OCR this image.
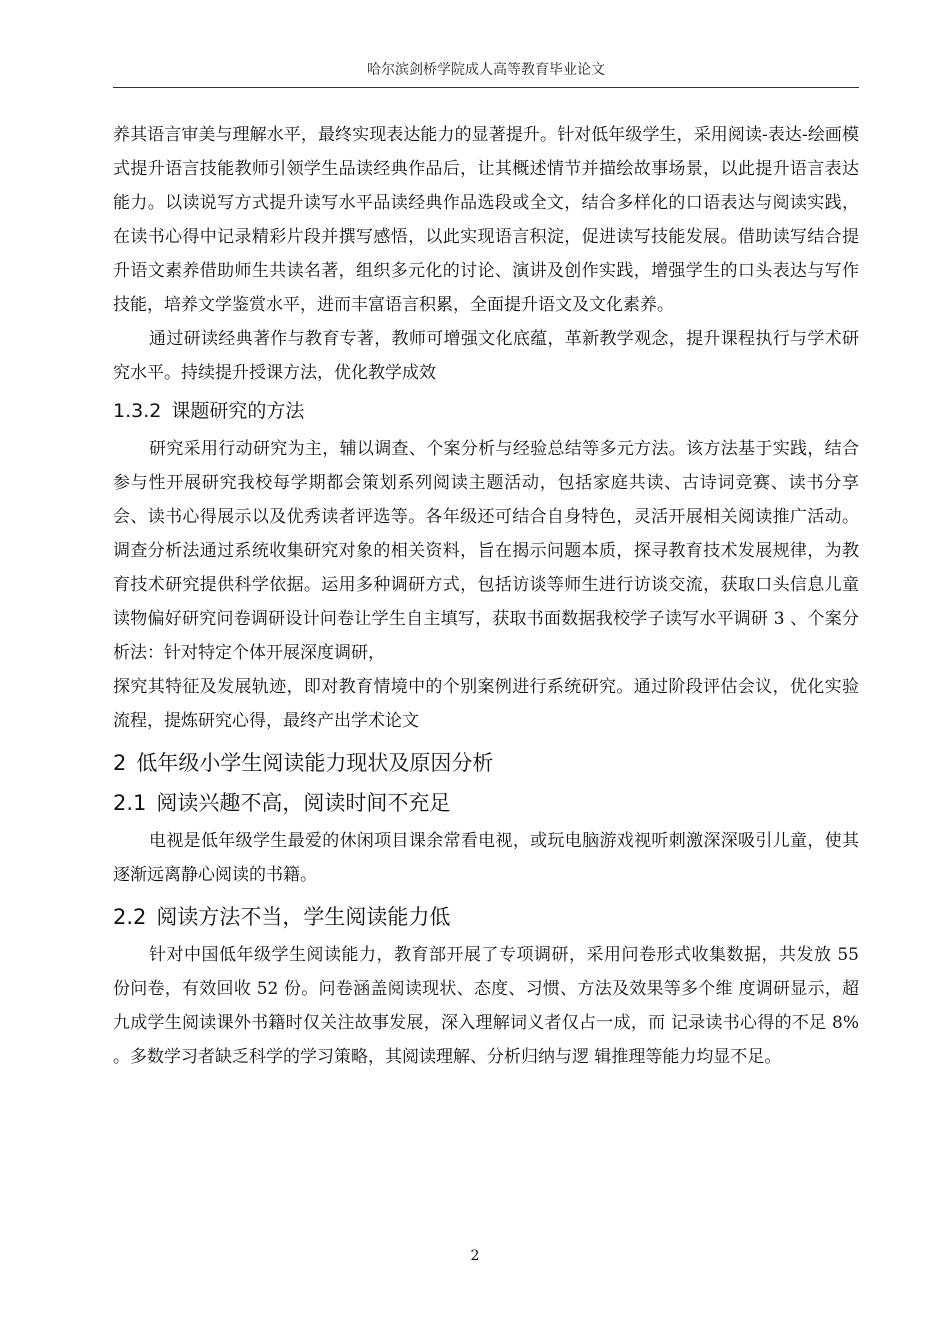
哈尔滨剑桥学院成人高等教育毕业论文

养其语言审美与理解水平，最终实现表达能力的显著提升。针对低年级学生，采用阅读-表达-绘画模式提升语言技能教师引领学生品读经典作品后，让其概述情节并描绘故事场景，以此提升语言表达能力。以读说写方式提升读写水平品读经典作品选段或全文，结合多样化的口语表达与阅读实践，在读书心得中记录精彩片段并撰写感悟，以此实现语言积淀，促进读写技能发展。借助读写结合提升语文素养借助师生共读名著，组织多元化的讨论、演讲及创作实践，增强学生的口头表达与写作技能，培养文学鉴赏水平，进而丰富语言积累，全面提升语文及文化素养。

通过研读经典著作与教育专著，教师可增强文化底蕴，革新教学观念，提升课程执行与学术研究水平。持续提升授课方法，优化教学成效

1.3.2 课题研究的方法

研究采用行动研究为主，辅以调查、个案分析与经验总结等多元方法。该方法基于实践，结合参与性开展研究我校每学期都会策划系列阅读主题活动，包括家庭共读、古诗词竞赛、读书分享会、读书心得展示以及优秀读者评选等。各年级还可结合自身特色，灵活开展相关阅读推广活动。调查分析法通过系统收集研究对象的相关资料，旨在揭示问题本质，探寻教育技术发展规律，为教育技术研究提供科学依据。运用多种调研方式，包括访谈等师生进行访谈交流，获取口头信息儿童读物偏好研究问卷调研设计问卷让学生自主填写，获取书面数据我校学子读写水平调研 3 、个案分析法：针对特定个体开展深度调研，

探究其特征及发展轨迹，即对教育情境中的个别案例进行系统研究。通过阶段评估会议，优化实验流程，提炼研究心得，最终产出学术论文

2 低年级小学生阅读能力现状及原因分析
2.1 阅读兴趣不高，阅读时间不充足

电视是低年级学生最爱的休闲项目课余常看电视，或玩电脑游戏视听刺激深深吸引儿童，使其逐渐远离静心阅读的书籍。

2.2 阅读方法不当，学生阅读能力低

针对中国低年级学生阅读能力，教育部开展了专项调研，采用问卷形式收集数据，共发放 55 份问卷，有效回收 52 份。问卷涵盖阅读现状、态度、习惯、方法及效果等多个维 度调研显示，超九成学生阅读课外书籍时仅关注故事发展，深入理解词义者仅占一成，而 记录读书心得的不足 8% 。多数学习者缺乏科学的学习策略，其阅读理解、分析归纳与逻 辑推理等能力均显不足。

2
